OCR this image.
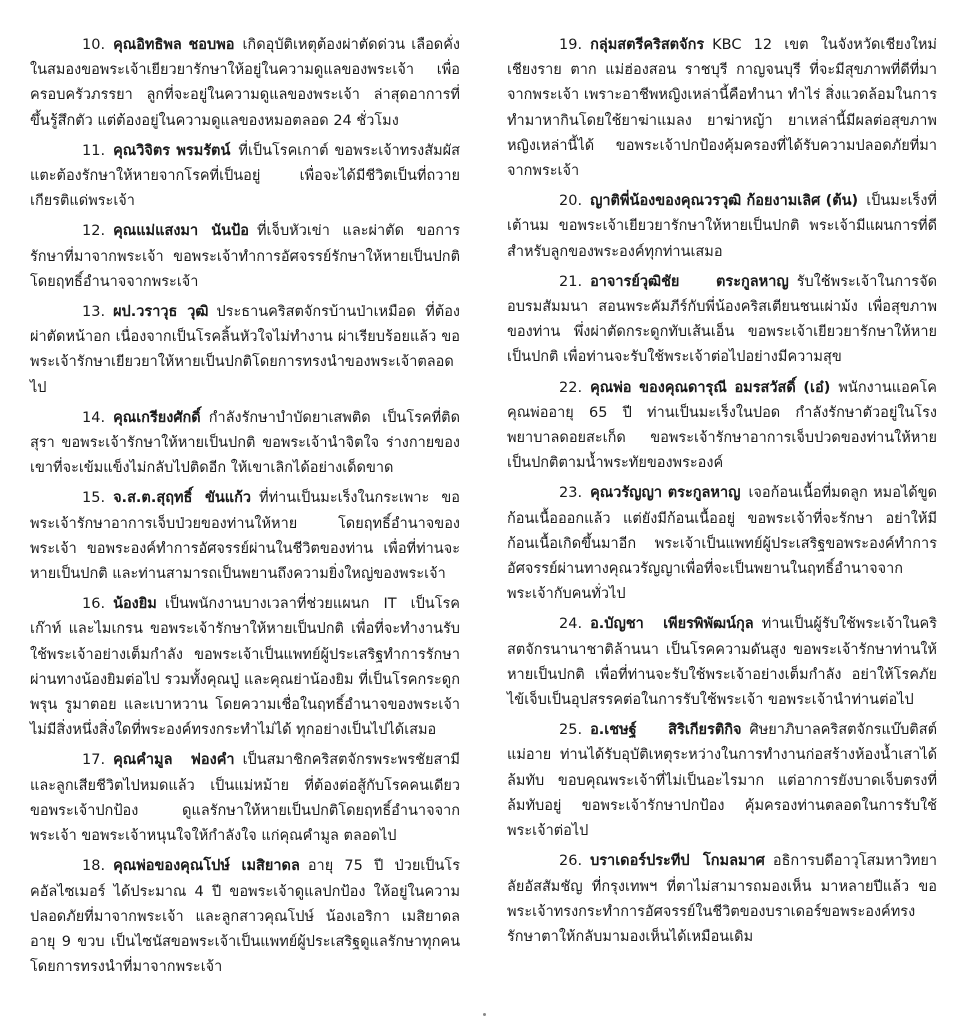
10. คุณอิทธิพล ชอบพอ เกิดอุบัติเหตุต้องผ่าตัดด่วน เลือดคั่งในสมองขอพระเจ้าเยียวยารักษาให้อยู่ในความดูแลของพระเจ้า เพื่อครอบครัวภรรยา ลูกที่จะอยู่ในความดูแลของพระเจ้า ล่าสุดอาการที่ขึ้นรู้สึกตัว แต่ต้องอยู่ในความดูแลของหมอตลอด 24 ชั่วโมง

11. คุณวิจิตร พรมรัตน์ ที่เป็นโรคเกาต์ ขอพระเจ้าทรงสัมผัสแตะต้องรักษาให้หายจากโรคที่เป็นอยู่ เพื่อจะได้มีชีวิตเป็นที่ถวายเกียรติแด่พระเจ้า

12. คุณแม่แสงมา นันป้อ ที่เจ็บหัวเข่า และผ่าตัด ขอการรักษาที่มาจากพระเจ้า ขอพระเจ้าทำการอัศจรรย์รักษาให้หายเป็นปกติ โดยฤทธิ์อำนาจจากพระเจ้า

13. ผป.วราวุธ วุฒิ ประธานคริสตจักรบ้านป่าเหมือด ที่ต้องผ่าตัดหน้าอก เนื่องจากเป็นโรคลิ้นหัวใจไม่ทำงาน ผ่าเรียบร้อยแล้ว ขอพระเจ้ารักษาเยียวยาให้หายเป็นปกติโดยการทรงนำของพระเจ้าตลอดไป

14. คุณเกรียงศักดิ์ กำลังรักษาบำบัดยาเสพติด เป็นโรคที่ติดสุรา ขอพระเจ้ารักษาให้หายเป็นปกติ ขอพระเจ้านำจิตใจ ร่างกายของเขาที่จะเข้มแข็งไม่กลับไปติดอีก ให้เขาเลิกได้อย่างเด็ดขาด

15. จ.ส.ต.สุฤทธิ์ ขันแก้ว ที่ท่านเป็นมะเร็งในกระเพาะ ขอพระเจ้ารักษาอาการเจ็บป่วยของท่านให้หาย โดยฤทธิ์อำนาจของพระเจ้า ขอพระองค์ทำการอัศจรรย์ผ่านในชีวิตของท่าน เพื่อที่ท่านจะหายเป็นปกติ และท่านสามารถเป็นพยานถึงความยิ่งใหญ่ของพระเจ้า

16. น้องยิม เป็นพนักงานบางเวลาที่ช่วยแผนก IT เป็นโรคเก๊าท์ และไมเกรน ขอพระเจ้ารักษาให้หายเป็นปกติ เพื่อที่จะทำงานรับใช้พระเจ้าอย่างเต็มกำลัง ขอพระเจ้าเป็นแพทย์ผู้ประเสริฐทำการรักษาผ่านทางน้องยิมต่อไป รวมทั้งคุณปู่ และคุณย่าน้องยิม ที่เป็นโรคกระดูกพรุน รูมาตอย และเบาหวาน โดยความเชื่อในฤทธิ์อำนาจของพระเจ้าไม่มีสิ่งหนึ่งสิ่งใดที่พระองค์ทรงกระทำไม่ได้ ทุกอย่างเป็นไปได้เสมอ

17. คุณคำมูล ฟองคำ เป็นสมาชิกคริสตจักรพระพรชัยสามีและลูกเสียชีวิตไปหมดแล้ว เป็นแม่หม้าย ที่ต้องต่อสู้กับโรคคนเดียว ขอพระเจ้าปกป้อง ดูแลรักษาให้หายเป็นปกติโดยฤทธิ์อำนาจจากพระเจ้า ขอพระเจ้าหนุนใจให้กำลังใจ แก่คุณคำมูล ตลอดไป

18. คุณพ่อของคุณโปษ์ เมสิยาดล อายุ 75 ปี ป่วยเป็นโรคอัลไซเมอร์ ได้ประมาณ 4 ปี ขอพระเจ้าดูแลปกป้อง ให้อยู่ในความปลอดภัยที่มาจากพระเจ้า และลูกสาวคุณโปษ์ น้องเอริกา เมสิยาดล อายุ 9 ขวบ เป็นไซนัสขอพระเจ้าเป็นแพทย์ผู้ประเสริฐดูแลรักษาทุกคน โดยการทรงนำที่มาจากพระเจ้า

19. กลุ่มสตรีคริสตจักร KBC 12 เขต ในจังหวัดเชียงใหม่ เชียงราย ตาก แม่ฮ่องสอน ราชบุรี กาญจนบุรี ที่จะมีสุขภาพที่ดีที่มาจากพระเจ้า เพราะอาชีพหญิงเหล่านี้คือทำนา ทำไร่ สิ่งแวดล้อมในการทำมาหากินโดยใช้ยาฆ่าแมลง ยาฆ่าหญ้า ยาเหล่านี้มีผลต่อสุขภาพหญิงเหล่านี้ได้ ขอพระเจ้าปกป้องคุ้มครองที่ได้รับความปลอดภัยที่มาจากพระเจ้า

20. ญาติพี่น้องของคุณวรวุฒิ ก้อยงามเลิศ (ต้น) เป็นมะเร็งที่เต้านม ขอพระเจ้าเยียวยารักษาให้หายเป็นปกติ พระเจ้ามีแผนการที่ดีสำหรับลูกของพระองค์ทุกท่านเสมอ

21. อาจารย์วุฒิชัย ตระกูลหาญ รับใช้พระเจ้าในการจัดอบรมสัมมนา สอนพระคัมภีร์กับพี่น้องคริสเตียนชนเผ่าม้ง เพื่อสุขภาพของท่าน พึ่งผ่าตัดกระดูกทับเส้นเอ็น ขอพระเจ้าเยียวยารักษาให้หายเป็นปกติ เพื่อท่านจะรับใช้พระเจ้าต่อไปอย่างมีความสุข

22. คุณพ่อ ของคุณดารุณี อมรสวัสดิ์ (เอ๋) พนักงานแอคโค คุณพ่ออายุ 65 ปี ท่านเป็นมะเร็งในปอด กำลังรักษาตัวอยู่ในโรงพยาบาลดอยสะเก็ด ขอพระเจ้ารักษาอาการเจ็บปวดของท่านให้หายเป็นปกติตามน้ำพระทัยของพระองค์

23. คุณวรัญญา ตระกูลหาญ เจอก้อนเนื้อที่มดลูก หมอได้ขูดก้อนเนื้อออกแล้ว แต่ยังมีก้อนเนื้ออยู่ ขอพระเจ้าที่จะรักษา อย่าให้มีก้อนเนื้อเกิดขึ้นมาอีก พระเจ้าเป็นแพทย์ผู้ประเสริฐขอพระองค์ทำการอัศจรรย์ผ่านทางคุณวรัญญาเพื่อที่จะเป็นพยานในฤทธิ์อำนาจจากพระเจ้ากับคนทั่วไป

24. อ.บัญชา เพียรพิพัฒน์กุล ท่านเป็นผู้รับใช้พระเจ้าในคริสตจักรนานาชาติล้านนา เป็นโรคความดันสูง ขอพระเจ้ารักษาท่านให้หายเป็นปกติ เพื่อที่ท่านจะรับใช้พระเจ้าอย่างเต็มกำลัง อย่าให้โรคภัยไข้เจ็บเป็นอุปสรรคต่อในการรับใช้พระเจ้า ขอพระเจ้านำท่านต่อไป

25. อ.เชษฐ์ สิริเกียรติกิจ ศิษยาภิบาลคริสตจักรแบ๊บติสต์แม่อาย ท่านได้รับอุบัติเหตุระหว่างในการทำงานก่อสร้างห้องน้ำเสาได้ล้มทับ ขอบคุณพระเจ้าที่ไม่เป็นอะไรมาก แต่อาการยังบาดเจ็บตรงที่ล้มทับอยู่ ขอพระเจ้ารักษาปกป้อง คุ้มครองท่านตลอดในการรับใช้พระเจ้าต่อไป

26. บราเดอร์ประทีป โกมลมาศ อธิการบดีอาวุโสมหาวิทยาลัยอัสสัมชัญ ที่กรุงเทพฯ ที่ตาไม่สามารถมองเห็น มาหลายปีแล้ว ขอพระเจ้าทรงกระทำการอัศจรรย์ในชีวิตของบราเดอร์ขอพระองค์ทรงรักษาตาให้กลับมามองเห็นได้เหมือนเดิม
